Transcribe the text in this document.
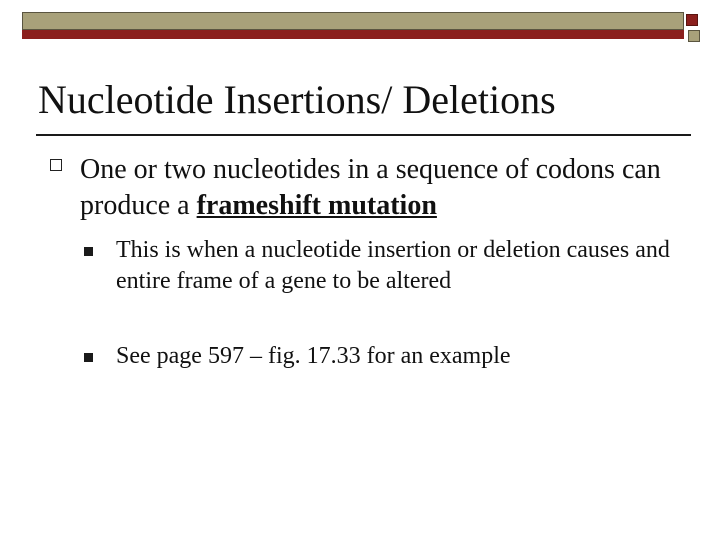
Nucleotide Insertions/ Deletions
One or two nucleotides in a sequence of codons can produce a frameshift mutation
This is when a nucleotide insertion or deletion causes and entire frame of a gene to be altered
See page 597 – fig. 17.33 for an example
